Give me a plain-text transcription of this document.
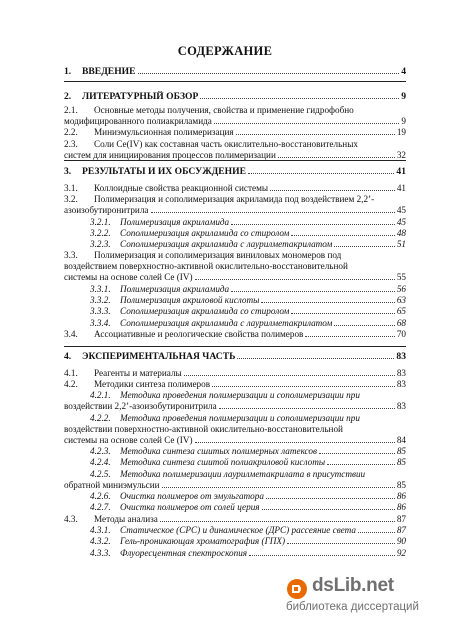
СОДЕРЖАНИЕ
1. ВВЕДЕНИЕ	4
2. ЛИТЕРАТУРНЫЙ ОБЗОР	9
2.1. Основные методы получения, свойства и применение гидрофобно
модифицированного полиакриламида	9
2.2. Миниэмульсионная полимеризация	19
2.3. Соли Ce(IV) как составная часть окислительно-восстановительных
систем для инициирования процессов полимеризации	32
3. РЕЗУЛЬТАТЫ И ИХ ОБСУЖДЕНИЕ	41
3.1. Коллоидные свойства реакционной системы	41
3.2. Полимеризация и сополимеризация акриламида под воздействием 2,2’-
азоизобутиронитрила	45
3.2.1. Полимеризация акриламида	45
3.2.2. Сополимеризация акриламида со стиролом	48
3.2.3. Сополимеризация акриламида с лаурилметакрилатом	51
3.3. Полимеризация и сополимеризация виниловых мономеров под
воздействием поверхностно-активной окислительно-восстановительной
системы на основе солей Ce (IV)	55
3.3.1. Полимеризация акриламида	56
3.3.2. Полимеризация акриловой кислоты	63
3.3.3. Сополимеризация акриламида со стиролом	65
3.3.4. Сополимеризация акриламида с лаурилметакрилатом	68
3.4. Ассоциативные и реологические свойства полимеров	70
4. ЭКСПЕРИМЕНТАЛЬНАЯ ЧАСТЬ	83
4.1. Реагенты и материалы	83
4.2. Методики синтеза полимеров	83
4.2.1. Методика проведения полимеризации и сополимеризации при
воздействии 2,2’-азоизобутиронитрила	83
4.2.2. Методика проведения полимеризации и сополимеризации при
воздействии поверхностно-активной окислительно-восстановительной
системы на основе солей Ce (IV)	84
4.2.3. Методика синтеза сшитых полимерных латексов	85
4.2.4. Методика синтеза сшитой полиакриловой кислоты	85
4.2.5. Методика полимеризации лаурилметакрилата в присутствии
обратной миниэмульсии	85
4.2.6. Очистка полимеров от эмульгатора	86
4.2.7. Очистка полимеров от солей церия	86
4.3. Методы анализа	87
4.3.1. Статическое (СРС) и динамическое (ДРС) рассеяние света	87
4.3.2. Гель-проникающая хроматография (ГПХ)	90
4.3.3. Флуоресцентная спектроскопия	92
dsLib.net
библиотека диссертаций
